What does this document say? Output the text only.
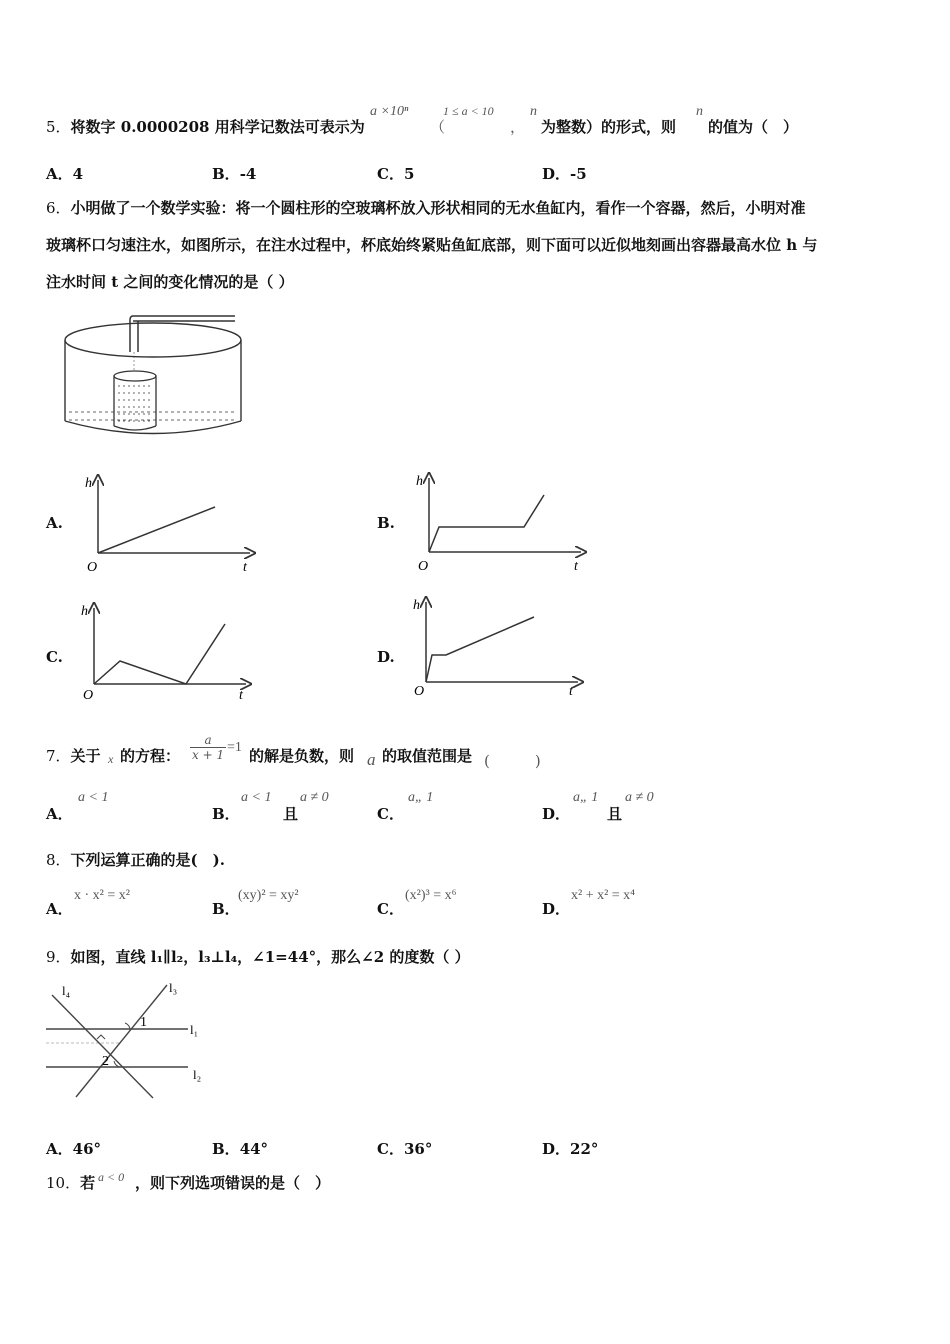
5．将数字 0.0000208 用科学记数法可表示为
a ×10ⁿ
（
1 ≤ a < 10
，
n
为整数）的形式，则
n
的值为（　）
A．4	B．-4	C．5	D．-5
6．小明做了一个数学实验：将一个圆柱形的空玻璃杯放入形状相同的无水鱼缸内，看作一个容器，然后，小明对准
玻璃杯口匀速注水，如图所示，在注水过程中，杯底始终紧贴鱼缸底部，则下面可以近似地刻画出容器最高水位 h 与
注水时间 t 之间的变化情况的是（ ）
A.
h
t
O
B.
h
t
O
C.
h
t
O
D.
h
t
O
7．关于 x 的方程： $\frac{a}{x + 1} =1$ 的解是负数，则 a 的取值范围是 (　　　)
A．
a < 1
B．
a < 1
且
a ≠ 0
C．
a„ 1
D．
a„ 1
且
a ≠ 0
8．下列运算正确的是(　).
A．
x · x² = x²
B．
(xy)² = xy²
C．
(x²)³ = x⁶
D．
x² + x² = x⁴
9．如图，直线 l₁∥l₂，l₃⊥l₄，∠1=44°，那么∠2 的度数（ ）
1
2
l₁
l₂
l₃
l₄
A．46°	B．44°	C．36°	D．22°
10．若 a < 0 ，则下列选项错误的是（　）
